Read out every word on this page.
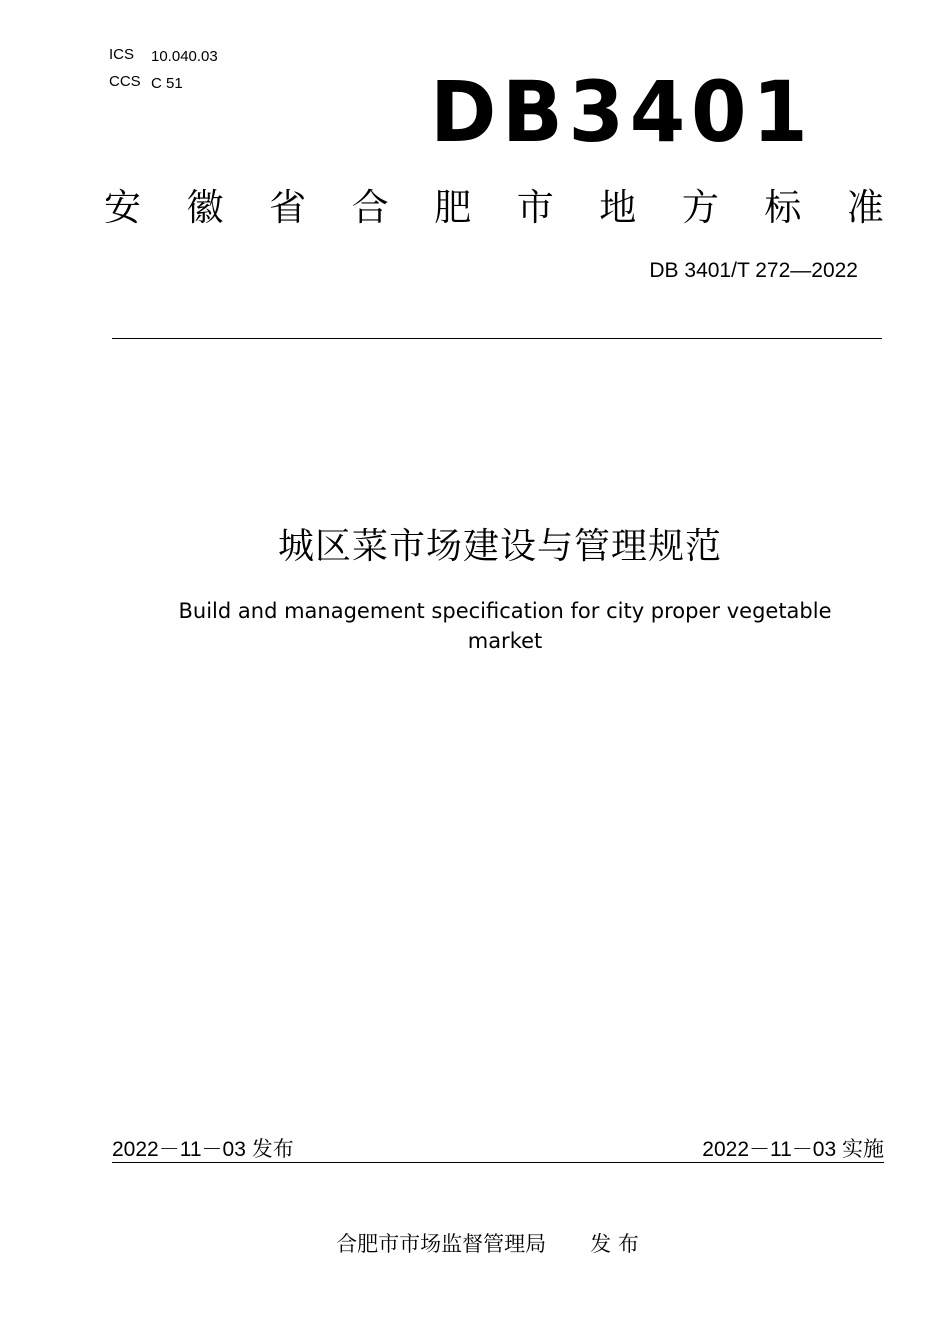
ICS 10.040.03
CCS C 51	DB3401
安 徽 省 合 肥 市 地 方 标 准
DB 3401/T 272—2022
城区菜市场建设与管理规范
Build and management specification for city proper vegetable market
2022－11－03 发布	2022－11－03 实施
合肥市市场监督管理局 发 布
